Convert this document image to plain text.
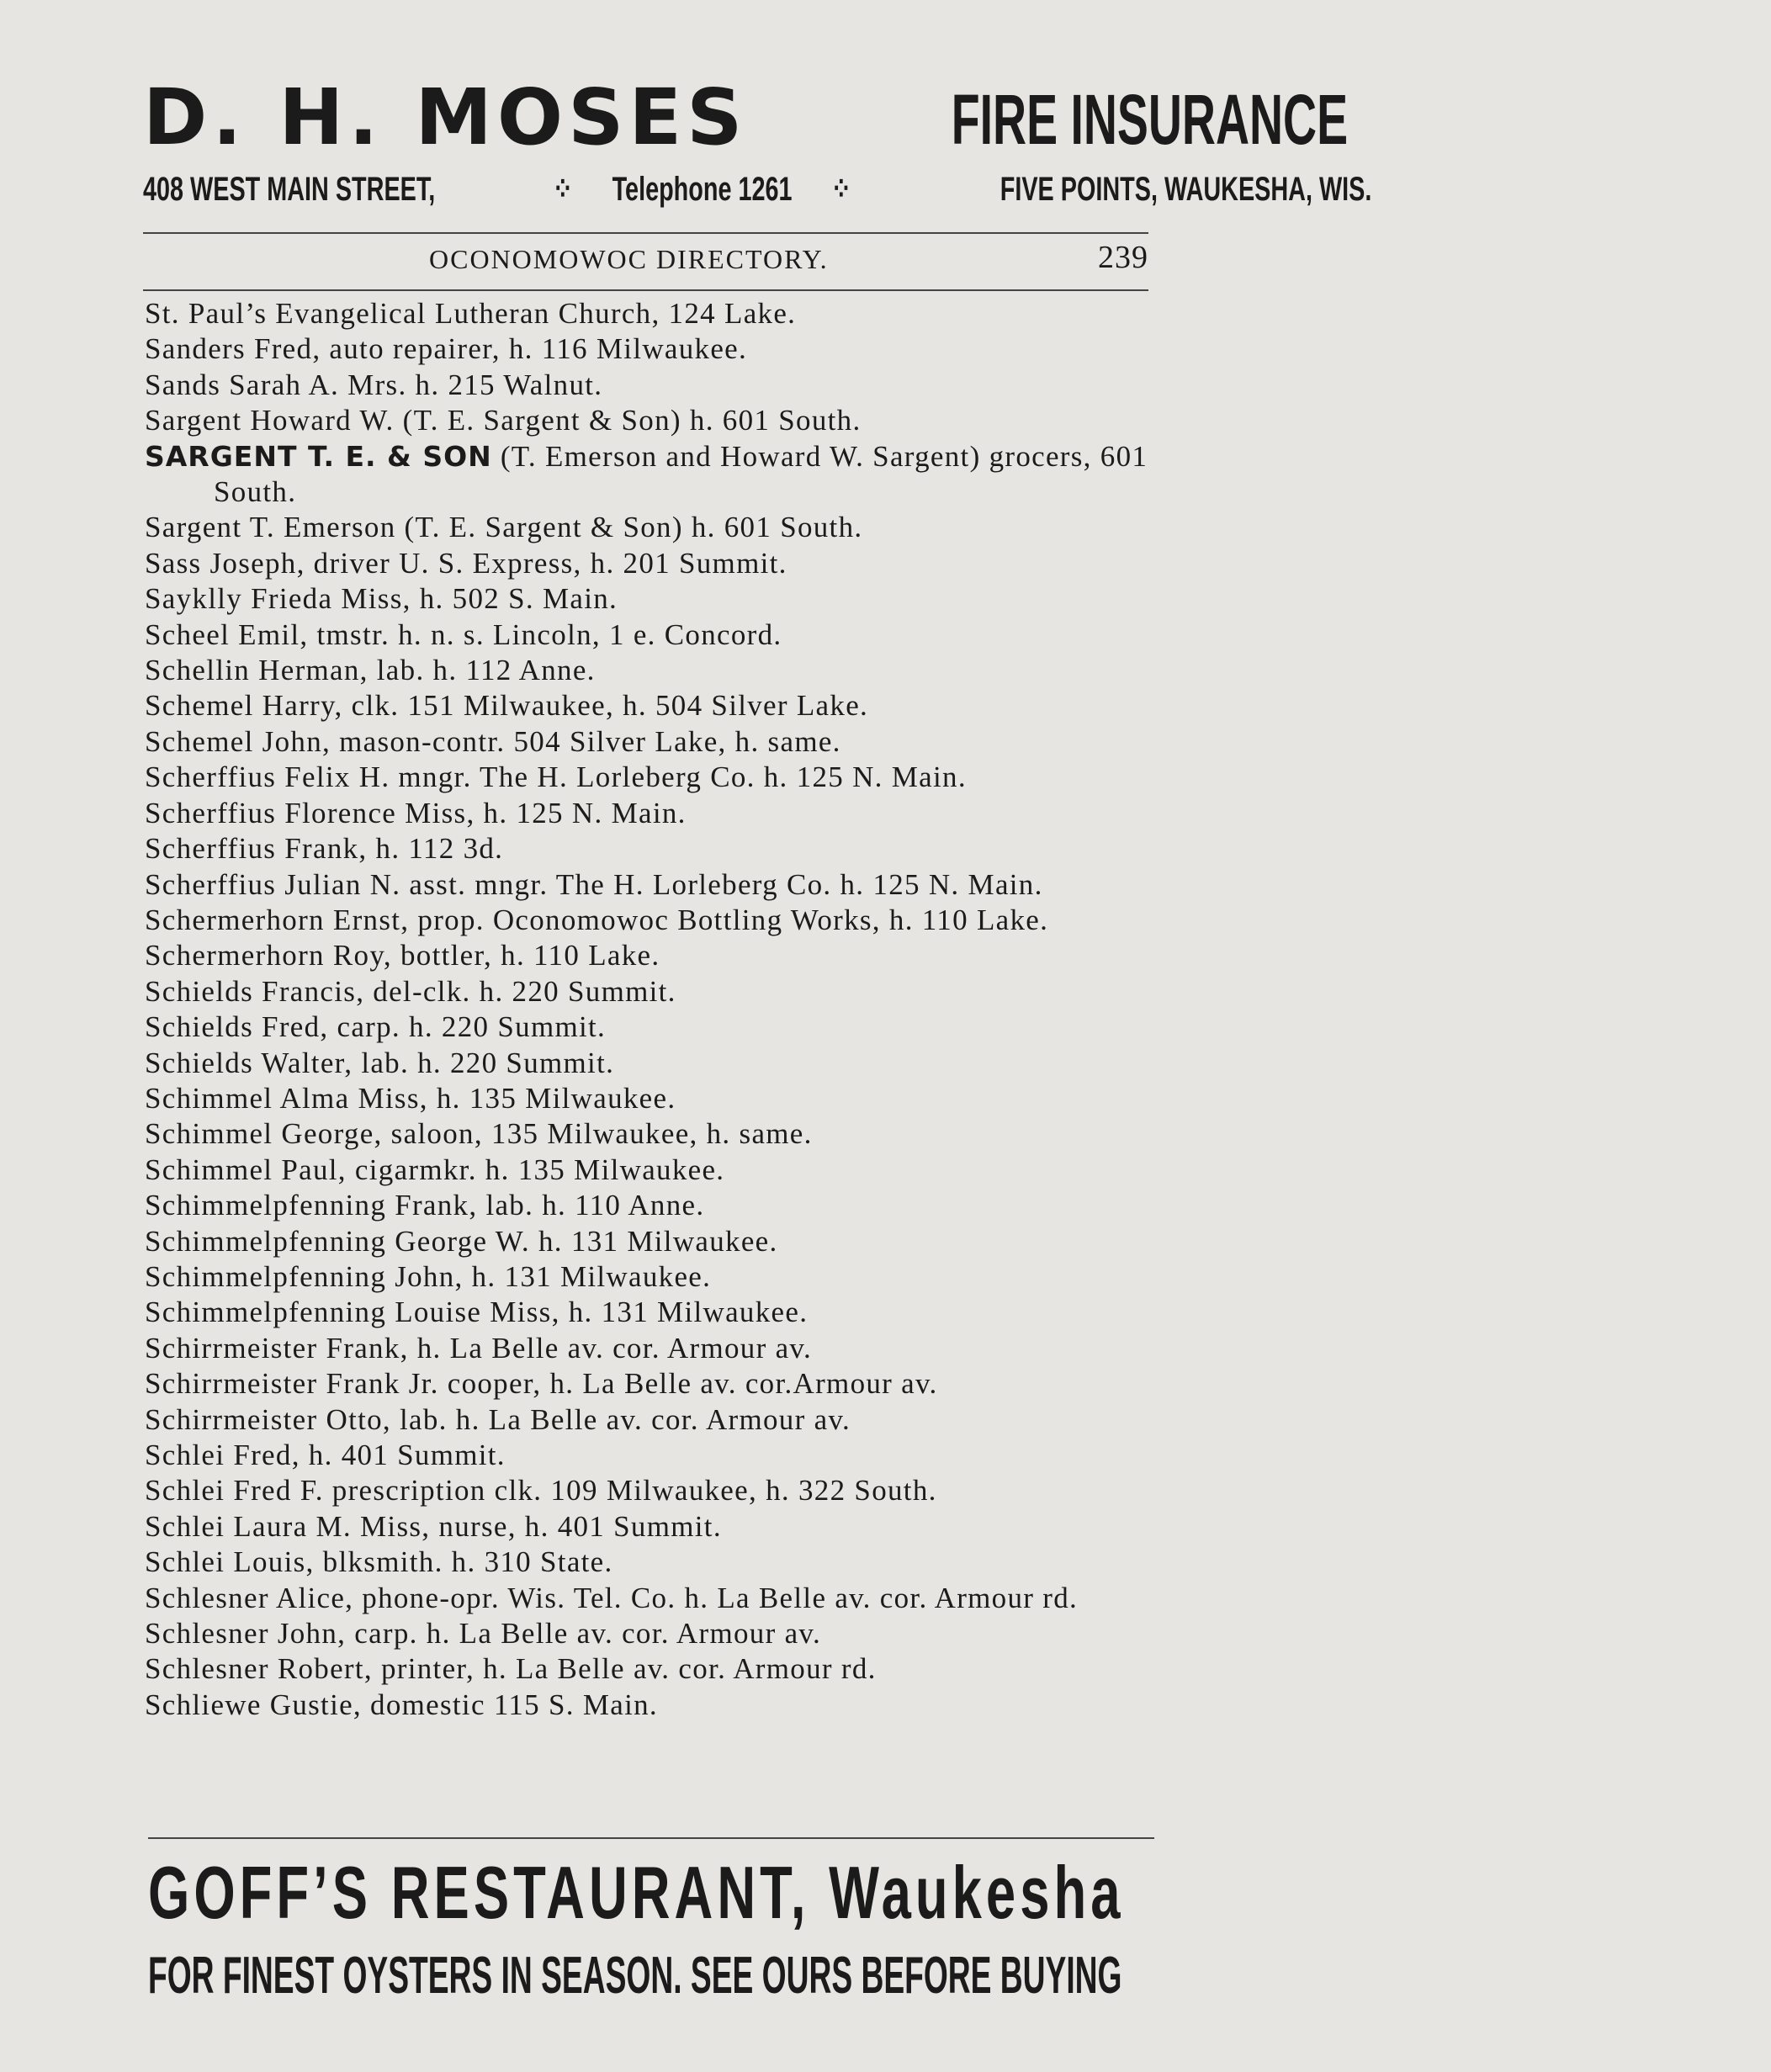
D. H. MOSES	FIRE INSURANCE
408 WEST MAIN STREET,	⁘ Telephone 1261 ⁘	FIVE POINTS, WAUKESHA, WIS.
OCONOMOWOC DIRECTORY.	239
St. Paul’s Evangelical Lutheran Church, 124 Lake.
Sanders Fred, auto repairer, h. 116 Milwaukee.
Sands Sarah A. Mrs. h. 215 Walnut.
Sargent Howard W. (T. E. Sargent & Son) h. 601 South.
SARGENT T. E. & SON (T. Emerson and Howard W. Sargent) grocers, 601 South.
Sargent T. Emerson (T. E. Sargent & Son) h. 601 South.
Sass Joseph, driver U. S. Express, h. 201 Summit.
Sayklly Frieda Miss, h. 502 S. Main.
Scheel Emil, tmstr. h. n. s. Lincoln, 1 e. Concord.
Schellin Herman, lab. h. 112 Anne.
Schemel Harry, clk. 151 Milwaukee, h. 504 Silver Lake.
Schemel John, mason-contr. 504 Silver Lake, h. same.
Scherffius Felix H. mngr. The H. Lorleberg Co. h. 125 N. Main.
Scherffius Florence Miss, h. 125 N. Main.
Scherffius Frank, h. 112 3d.
Scherffius Julian N. asst. mngr. The H. Lorleberg Co. h. 125 N. Main.
Schermerhorn Ernst, prop. Oconomowoc Bottling Works, h. 110 Lake.
Schermerhorn Roy, bottler, h. 110 Lake.
Schields Francis, del-clk. h. 220 Summit.
Schields Fred, carp. h. 220 Summit.
Schields Walter, lab. h. 220 Summit.
Schimmel Alma Miss, h. 135 Milwaukee.
Schimmel George, saloon, 135 Milwaukee, h. same.
Schimmel Paul, cigarmkr. h. 135 Milwaukee.
Schimmelpfenning Frank, lab. h. 110 Anne.
Schimmelpfenning George W. h. 131 Milwaukee.
Schimmelpfenning John, h. 131 Milwaukee.
Schimmelpfenning Louise Miss, h. 131 Milwaukee.
Schirrmeister Frank, h. La Belle av. cor. Armour av.
Schirrmeister Frank Jr. cooper, h. La Belle av. cor.Armour av.
Schirrmeister Otto, lab. h. La Belle av. cor. Armour av.
Schlei Fred, h. 401 Summit.
Schlei Fred F. prescription clk. 109 Milwaukee, h. 322 South.
Schlei Laura M. Miss, nurse, h. 401 Summit.
Schlei Louis, blksmith. h. 310 State.
Schlesner Alice, phone-opr. Wis. Tel. Co. h. La Belle av. cor. Armour rd.
Schlesner John, carp. h. La Belle av. cor. Armour av.
Schlesner Robert, printer, h. La Belle av. cor. Armour rd.
Schliewe Gustie, domestic 115 S. Main.
GOFF’S RESTAURANT, Waukesha
FOR FINEST OYSTERS IN SEASON. SEE OURS BEFORE BUYING
